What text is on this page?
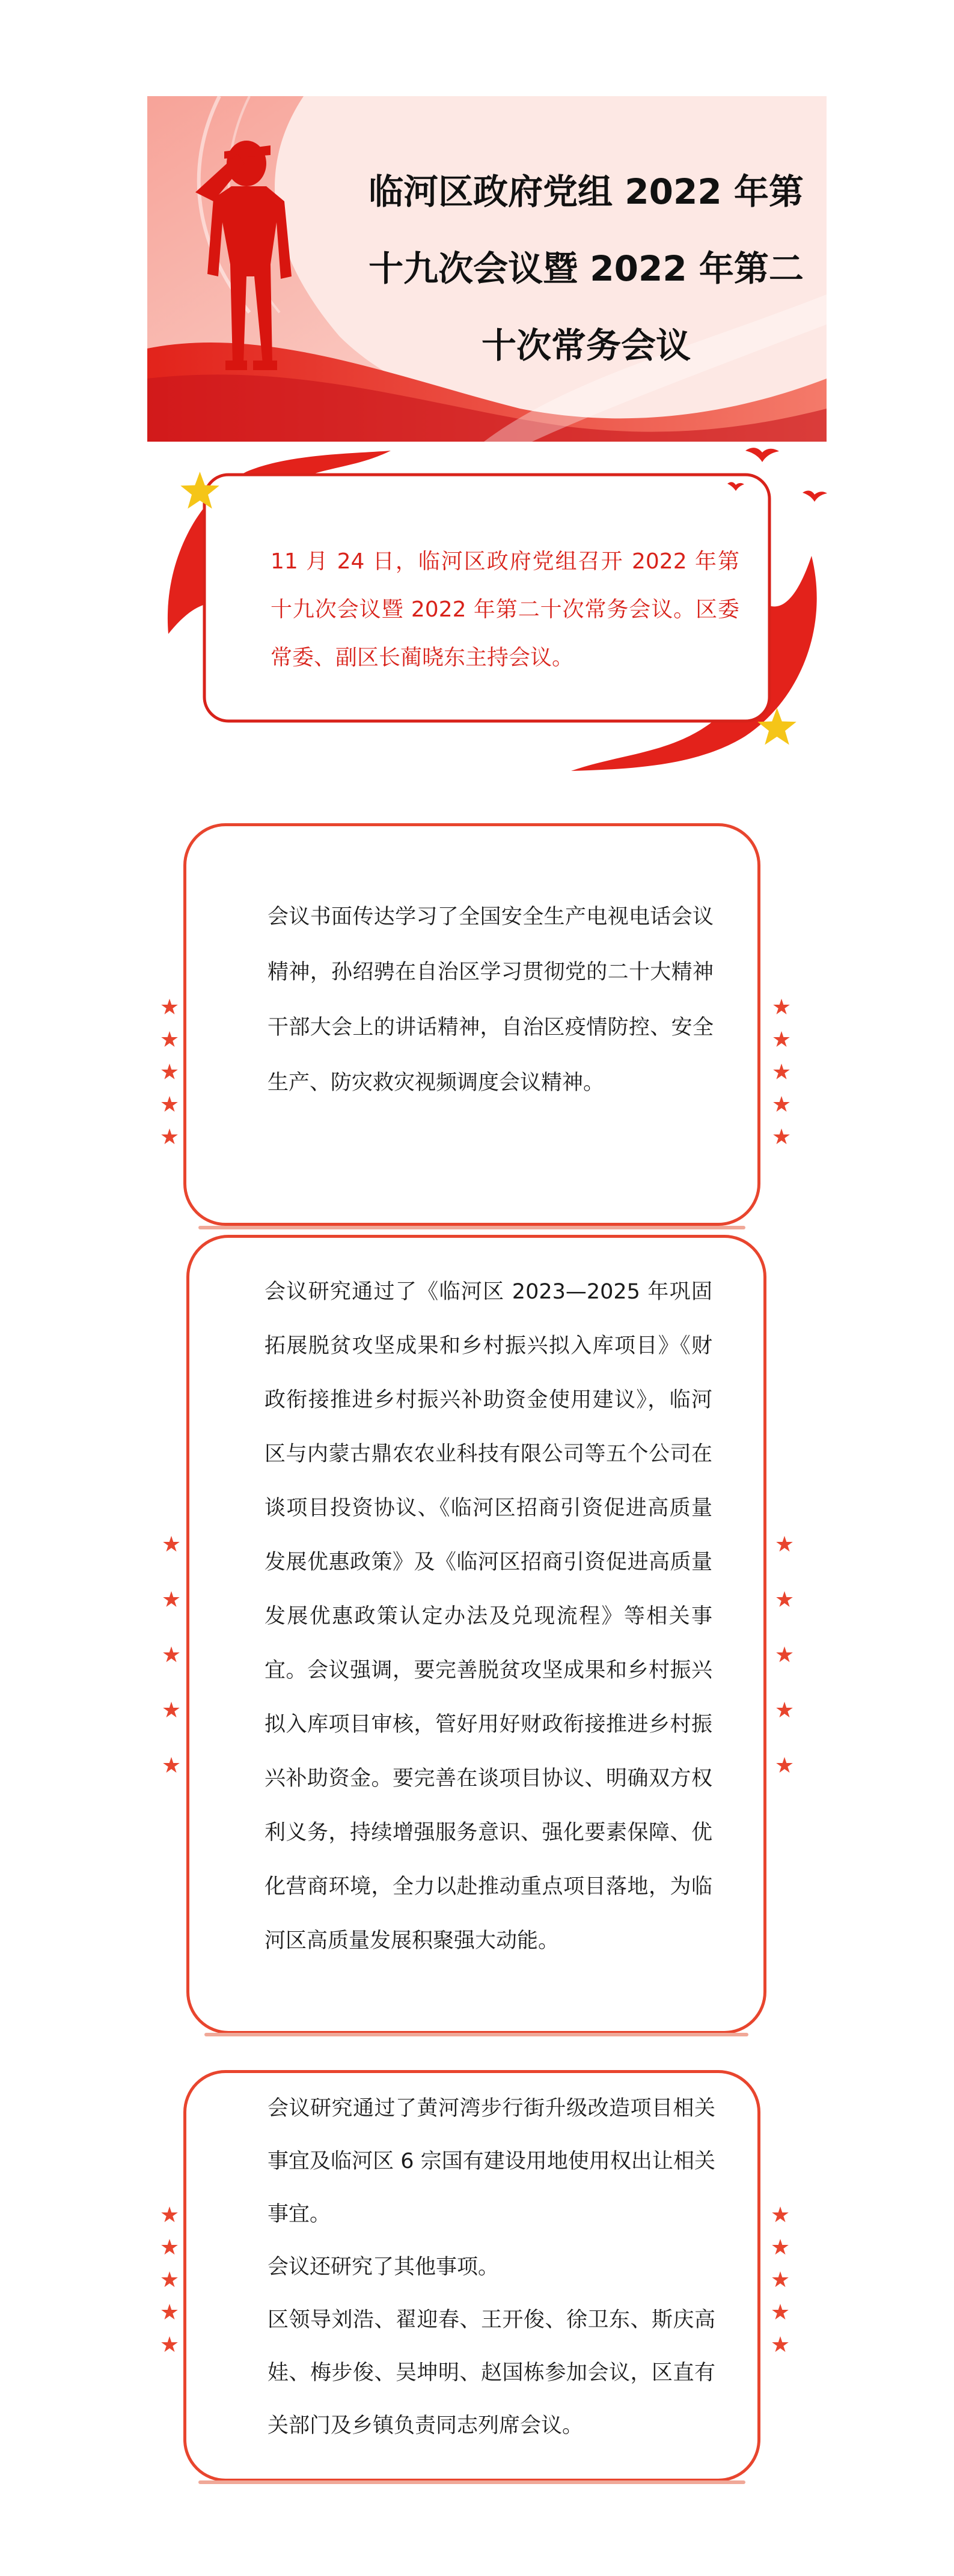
临河区政府党组 2022 年第
十九次会议暨 2022 年第二
十次常务会议
11 月 24 日，临河区政府党组召开 2022 年第十九次会议暨 2022 年第二十次常务会议。区委常委、副区长蔺晓东主持会议。
★
★
★
★
★
★
★
★
★
★
会议书面传达学习了全国安全生产电视电话会议精神，孙绍骋在自治区学习贯彻党的二十大精神干部大会上的讲话精神，自治区疫情防控、安全生产、防灾救灾视频调度会议精神。
★
★
★
★
★
★
★
★
★
★
会议研究通过了《临河区 2023—2025 年巩固拓展脱贫攻坚成果和乡村振兴拟入库项目》《财政衔接推进乡村振兴补助资金使用建议》，临河区与内蒙古鼎农农业科技有限公司等五个公司在谈项目投资协议、《临河区招商引资促进高质量发展优惠政策》及《临河区招商引资促进高质量发展优惠政策认定办法及兑现流程》等相关事宜。会议强调，要完善脱贫攻坚成果和乡村振兴拟入库项目审核，管好用好财政衔接推进乡村振兴补助资金。要完善在谈项目协议、明确双方权利义务，持续增强服务意识、强化要素保障、优化营商环境，全力以赴推动重点项目落地，为临河区高质量发展积聚强大动能。
★
★
★
★
★
★
★
★
★
★

会议研究通过了黄河湾步行街升级改造项目相关事宜及临河区 6 宗国有建设用地使用权出让相关事宜。

会议还研究了其他事项。

区领导刘浩、翟迎春、王开俊、徐卫东、斯庆高娃、梅步俊、吴坤明、赵国栋参加会议，区直有关部门及乡镇负责同志列席会议。
